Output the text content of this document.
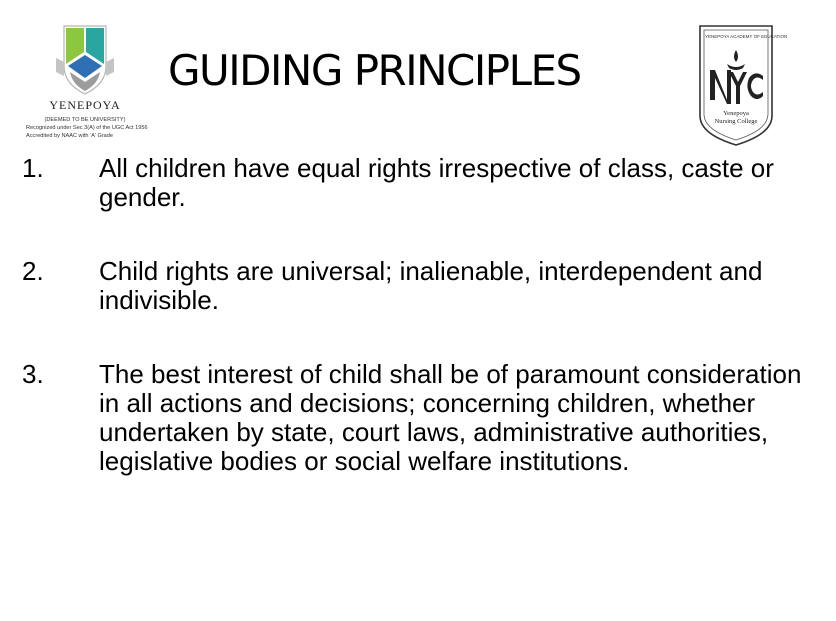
YENEPOYA
(DEEMED TO BE UNIVERSITY)
Recognized under Sec 3(A) of the UGC Act 1956
Accredited by NAAC with 'A' Grade
GUIDING PRINCIPLES
YENEPOYA ACADEMY OF EDUCATION
Yenepoya
Nursing College
1. All children have equal rights irrespective of class, caste or gender.
2. Child rights are universal; inalienable, interdependent and indivisible.
3. The best interest of child shall be of paramount consideration in all actions and decisions; concerning children, whether undertaken by state, court laws, administrative authorities, legislative bodies or social welfare institutions.
